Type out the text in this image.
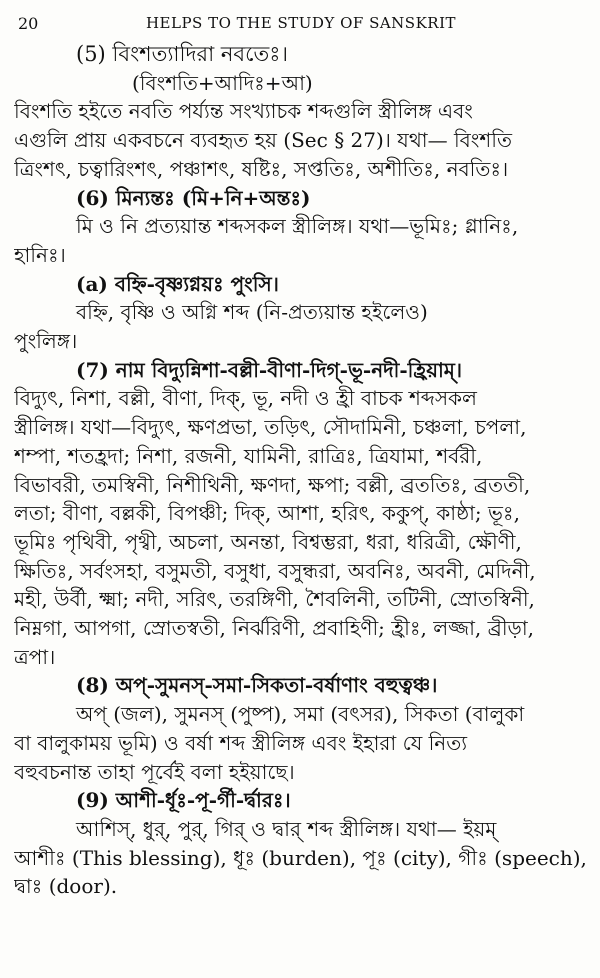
20	HELPS TO THE STUDY OF SANSKRIT
(5) বিংশত্যাদিরা নবতেঃ।
(বিংশতি+আদিঃ+আ)
বিংশতি হইতে নবতি পর্য্যন্ত সংখ্যাচক শব্দগুলি স্ত্রীলিঙ্গ এবং
এগুলি প্রায় একবচনে ব্যবহৃত হয় (Sec § 27)। যথা— বিংশতি
ত্রিংশৎ, চত্বারিংশৎ, পঞ্চাশৎ, ষষ্টিঃ, সপ্ততিঃ, অশীতিঃ, নবতিঃ।
(6) মিন্যন্তঃ (মি+নি+অন্তঃ)
মি ও নি প্রত্যয়ান্ত শব্দসকল স্ত্রীলিঙ্গ। যথা—ভূমিঃ; গ্লানিঃ,
হানিঃ।
(a) বহ্নি-বৃষ্ণ্যগ্নয়ঃ পুংসি।
বহ্নি, বৃষ্ণি ও অগ্নি শব্দ (নি-প্রত্যয়ান্ত হইলেও)
পুংলিঙ্গ।
(7) নাম বিদ্যুন্নিশা-বল্লী-বীণা-দিগ্-ভূ-নদী-হ্রিয়াম্।
বিদ্যুৎ, নিশা, বল্লী, বীণা, দিক্, ভূ, নদী ও হ্রী বাচক শব্দসকল
স্ত্রীলিঙ্গ। যথা—বিদ্যুৎ, ক্ষণপ্রভা, তড়িৎ, সৌদামিনী, চঞ্চলা, চপলা,
শম্পা, শতহ্রদা; নিশা, রজনী, যামিনী, রাত্রিঃ, ত্রিযামা, শর্বরী,
বিভাবরী, তমস্বিনী, নিশীথিনী, ক্ষণদা, ক্ষপা; বল্লী, ব্রততিঃ, ব্রততী,
লতা; বীণা, বল্লকী, বিপঞ্চী; দিক্, আশা, হরিৎ, ককুপ্, কাষ্ঠা; ভূঃ,
ভূমিঃ পৃথিবী, পৃথ্বী, অচলা, অনন্তা, বিশ্বম্ভরা, ধরা, ধরিত্রী, ক্ষৌণী,
ক্ষিতিঃ, সর্বংসহা, বসুমতী, বসুধা, বসুন্ধরা, অবনিঃ, অবনী, মেদিনী,
মহী, উর্বী, ক্ষ্মা; নদী, সরিৎ, তরঙ্গিণী, শৈবলিনী, তটিনী, স্রোতস্বিনী,
নিম্নগা, আপগা, স্রোতস্বতী, নির্ঝরিণী, প্রবাহিণী; হ্রীঃ, লজ্জা, ব্রীড়া,
ত্রপা।
(8) অপ্-সুমনস্-সমা-সিকতা-বর্ষাণাং বহুত্বঞ্চ।
অপ্ (জল), সুমনস্ (পুষ্প), সমা (বৎসর), সিকতা (বালুকা
বা বালুকাময় ভূমি) ও বর্ষা শব্দ স্ত্রীলিঙ্গ এবং ইহারা যে নিত্য
বহুবচনান্ত তাহা পূর্বেই বলা হইয়াছে।
(9) আশী-র্ধূঃ-পূ-র্গী-র্দ্বারঃ।
আশিস্, ধুর্, পুর্, গির্ ও দ্বার্ শব্দ স্ত্রীলিঙ্গ। যথা— ইয়ম্
আশীঃ (This blessing), ধূঃ (burden), পূঃ (city), গীঃ (speech),
দ্বাঃ (door).
